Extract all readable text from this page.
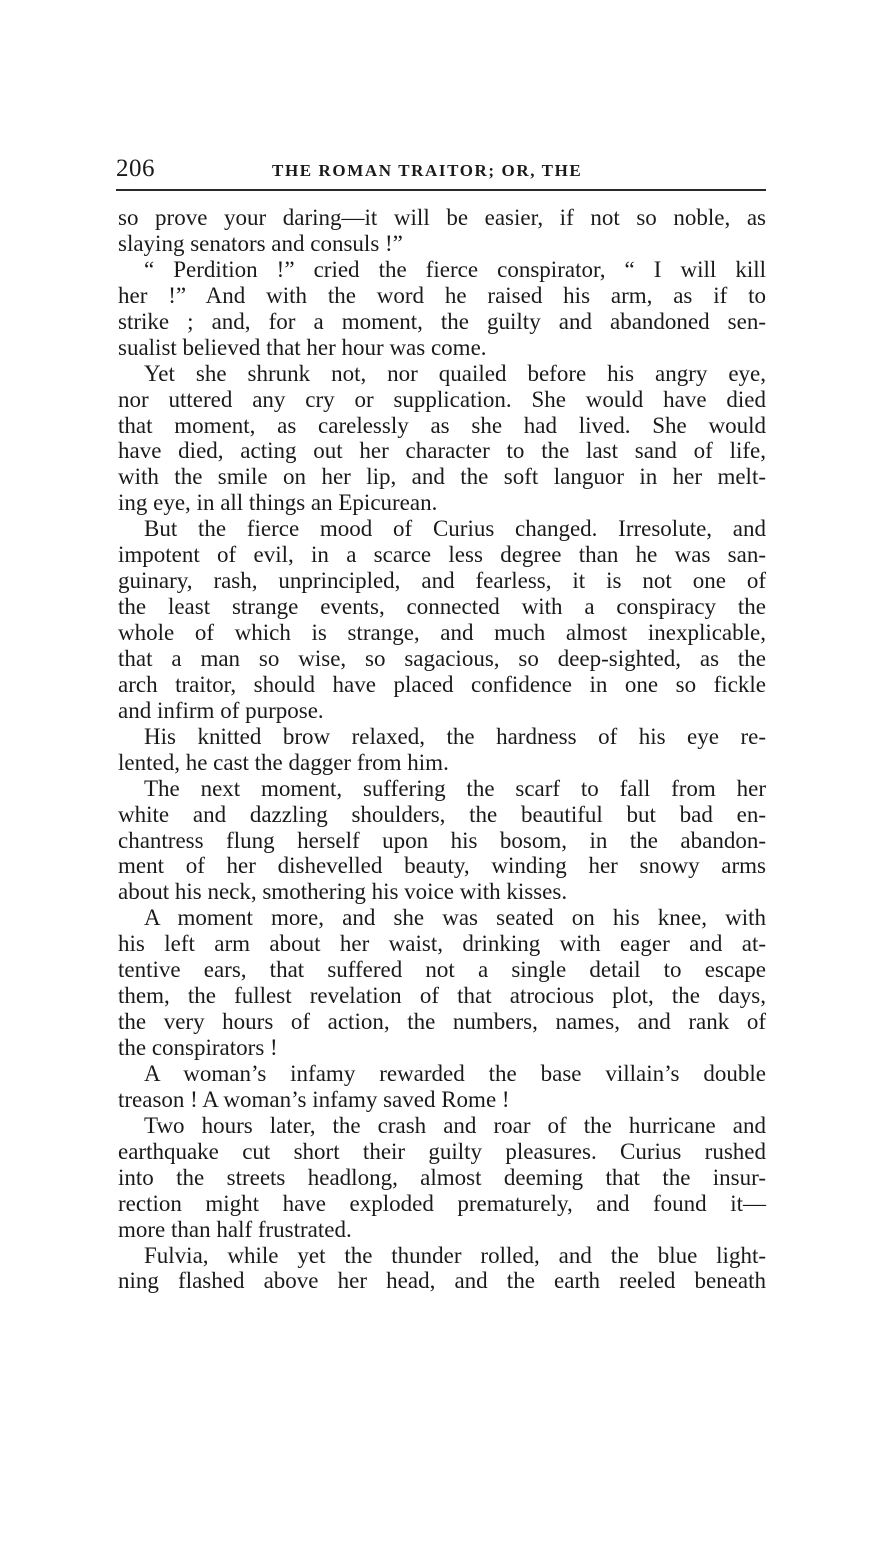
206	THE ROMAN TRAITOR; OR, THE
so prove your daring—it will be easier, if not so noble, as
slaying senators and consuls !”
“ Perdition !” cried the fierce conspirator, “ I will kill
her !” And with the word he raised his arm, as if to
strike ; and, for a moment, the guilty and abandoned sen-
sualist believed that her hour was come.
Yet she shrunk not, nor quailed before his angry eye,
nor uttered any cry or supplication. She would have died
that moment, as carelessly as she had lived. She would
have died, acting out her character to the last sand of life,
with the smile on her lip, and the soft languor in her melt-
ing eye, in all things an Epicurean.
But the fierce mood of Curius changed. Irresolute, and
impotent of evil, in a scarce less degree than he was san-
guinary, rash, unprincipled, and fearless, it is not one of
the least strange events, connected with a conspiracy the
whole of which is strange, and much almost inexplicable,
that a man so wise, so sagacious, so deep-sighted, as the
arch traitor, should have placed confidence in one so fickle
and infirm of purpose.
His knitted brow relaxed, the hardness of his eye re-
lented, he cast the dagger from him.
The next moment, suffering the scarf to fall from her
white and dazzling shoulders, the beautiful but bad en-
chantress flung herself upon his bosom, in the abandon-
ment of her dishevelled beauty, winding her snowy arms
about his neck, smothering his voice with kisses.
A moment more, and she was seated on his knee, with
his left arm about her waist, drinking with eager and at-
tentive ears, that suffered not a single detail to escape
them, the fullest revelation of that atrocious plot, the days,
the very hours of action, the numbers, names, and rank of
the conspirators !
A woman’s infamy rewarded the base villain’s double
treason ! A woman’s infamy saved Rome !
Two hours later, the crash and roar of the hurricane and
earthquake cut short their guilty pleasures. Curius rushed
into the streets headlong, almost deeming that the insur-
rection might have exploded prematurely, and found it—
more than half frustrated.
Fulvia, while yet the thunder rolled, and the blue light-
ning flashed above her head, and the earth reeled beneath
